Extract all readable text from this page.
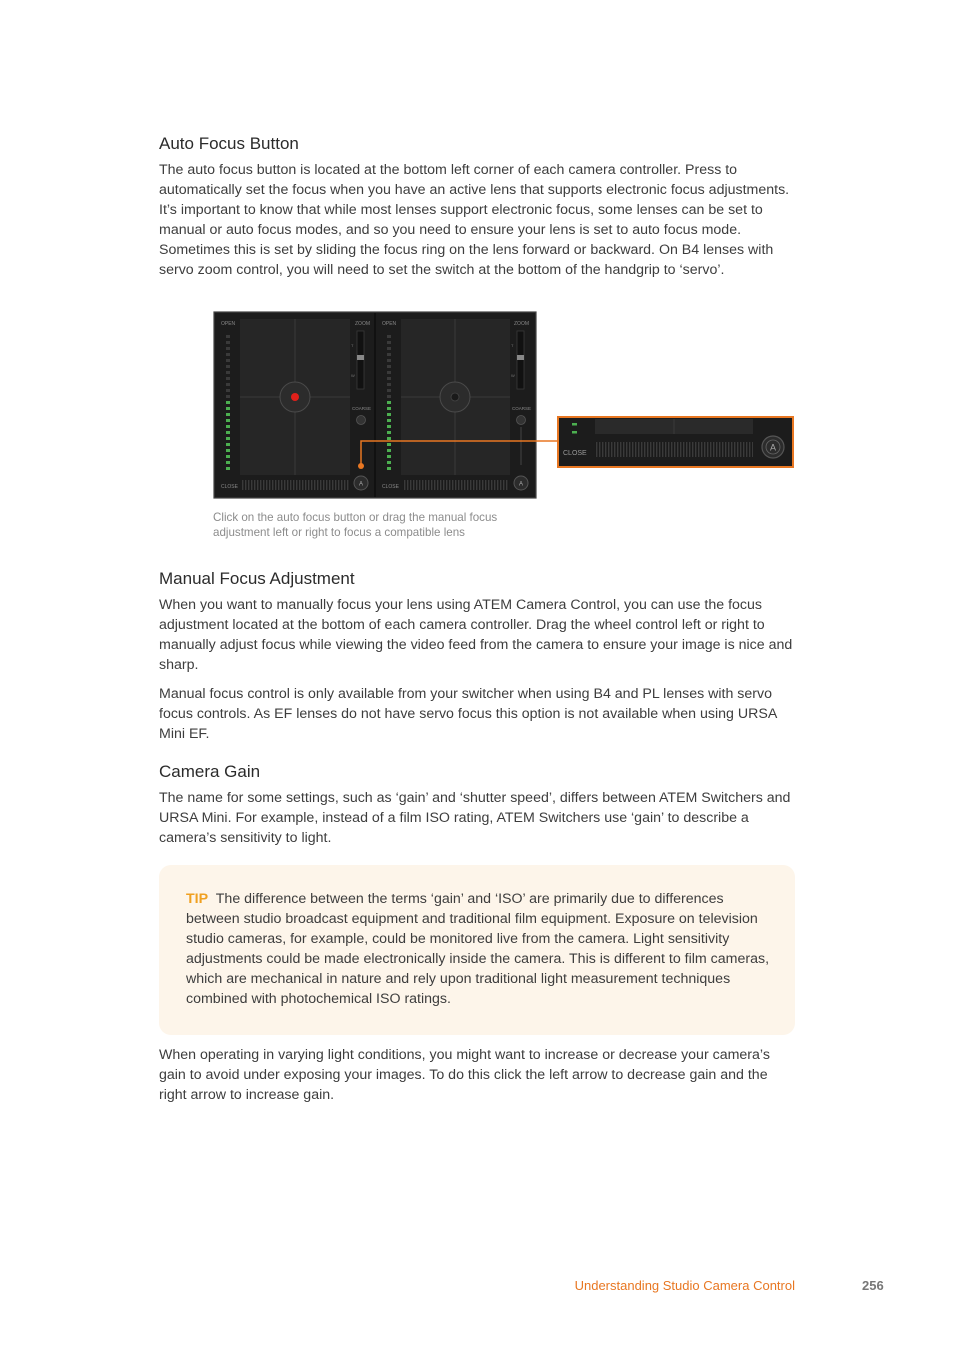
Auto Focus Button

The auto focus button is located at the bottom left corner of each camera controller. Press to automatically set the focus when you have an active lens that supports electronic focus adjustments. It’s important to know that while most lenses support electronic focus, some lenses can be set to manual or auto focus modes, and so you need to ensure your lens is set to auto focus mode. Sometimes this is set by sliding the focus ring on the lens forward or backward. On B4 lenses with servo zoom control, you will need to set the switch at the bottom of the handgrip to ‘servo’.

OPEN	ZOOM
CLOSE
T
W
COARSE
A
OPEN	ZOOM
CLOSE
T
W
COARSE
A
CLOSE
A
Click on the auto focus button or drag the manual focus adjustment left or right to focus a compatible lens
Manual Focus Adjustment

When you want to manually focus your lens using ATEM Camera Control, you can use the focus adjustment located at the bottom of each camera controller. Drag the wheel control left or right to manually adjust focus while viewing the video feed from the camera to ensure your image is nice and sharp.

Manual focus control is only available from your switcher when using B4 and PL lenses with servo focus controls. As EF lenses do not have servo focus this option is not available when using URSA Mini EF.

Camera Gain

The name for some settings, such as ‘gain’ and ‘shutter speed’, differs between ATEM Switchers and URSA Mini. For example, instead of a film ISO rating, ATEM Switchers use ‘gain’ to describe a camera’s sensitivity to light.

TIP The difference between the terms ‘gain’ and ‘ISO’ are primarily due to differences between studio broadcast equipment and traditional film equipment. Exposure on television studio cameras, for example, could be monitored live from the camera. Light sensitivity adjustments could be made electronically inside the camera. This is different to film cameras, which are mechanical in nature and rely upon traditional light measurement techniques combined with photochemical ISO ratings.

When operating in varying light conditions, you might want to increase or decrease your camera’s gain to avoid under exposing your images. To do this click the left arrow to decrease gain and the right arrow to increase gain.

Understanding Studio Camera Control	256
